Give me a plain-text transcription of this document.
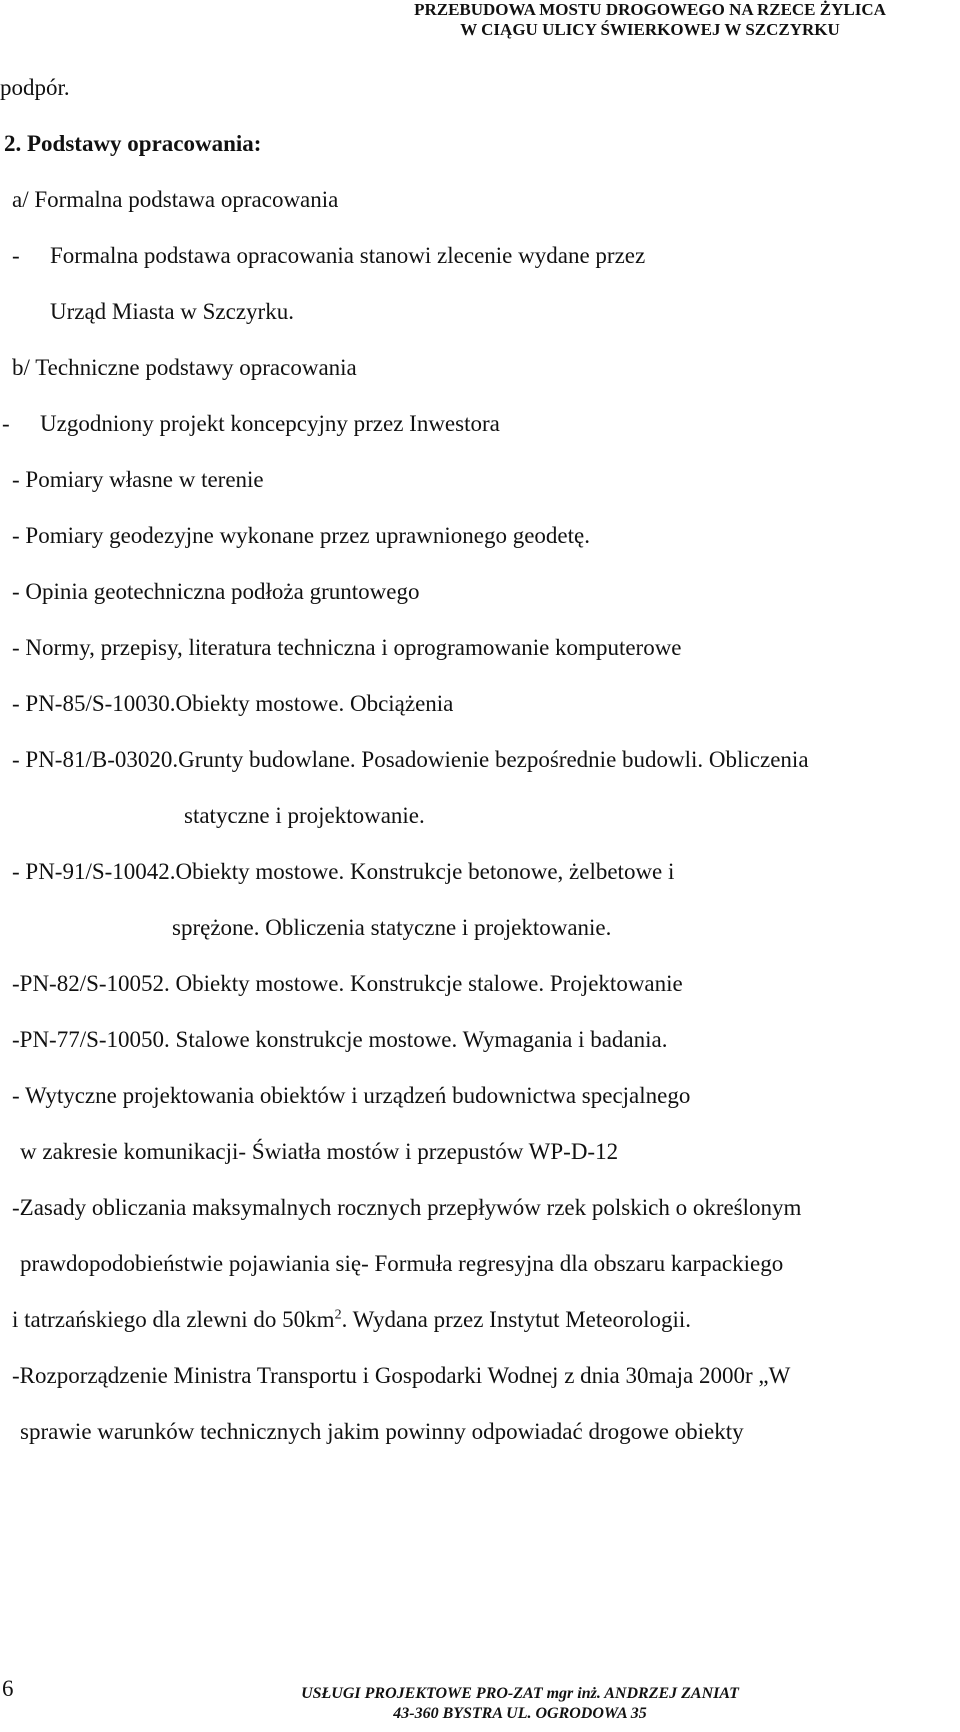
PRZEBUDOWA MOSTU DROGOWEGO NA RZECE ŻYLICA
W CIĄGU ULICY ŚWIERKOWEJ W SZCZYRKU
podpór.
2. Podstawy opracowania:
a/ Formalna podstawa opracowania
- Formalna podstawa opracowania stanowi zlecenie wydane przez
Urząd Miasta w Szczyrku.
b/ Techniczne podstawy opracowania
- Uzgodniony projekt koncepcyjny przez Inwestora
- Pomiary własne w terenie
- Pomiary geodezyjne wykonane przez uprawnionego geodetę.
- Opinia geotechniczna podłoża gruntowego
- Normy, przepisy, literatura techniczna i oprogramowanie komputerowe
- PN-85/S-10030.Obiekty mostowe. Obciążenia
- PN-81/B-03020.Grunty budowlane. Posadowienie bezpośrednie budowli. Obliczenia
statyczne i projektowanie.
- PN-91/S-10042.Obiekty mostowe. Konstrukcje betonowe, żelbetowe i
sprężone. Obliczenia statyczne i projektowanie.
-PN-82/S-10052. Obiekty mostowe. Konstrukcje stalowe. Projektowanie
-PN-77/S-10050. Stalowe konstrukcje mostowe. Wymagania i badania.
- Wytyczne projektowania obiektów i urządzeń budownictwa specjalnego
w zakresie komunikacji- Światła mostów i przepustów WP-D-12
-Zasady obliczania maksymalnych rocznych przepływów rzek polskich o określonym
prawdopodobieństwie pojawiania się- Formuła regresyjna dla obszaru karpackiego
i tatrzańskiego dla zlewni do $50km^2$. Wydana przez Instytut Meteorologii.
-Rozporządzenie Ministra Transportu i Gospodarki Wodnej z dnia 30maja 2000r „W
sprawie warunków technicznych jakim powinny odpowiadać drogowe obiekty
6	USŁUGI PROJEKTOWE PRO-ZAT mgr inż. ANDRZEJ ZANIAT
43-360 BYSTRA UL. OGRODOWA 35
